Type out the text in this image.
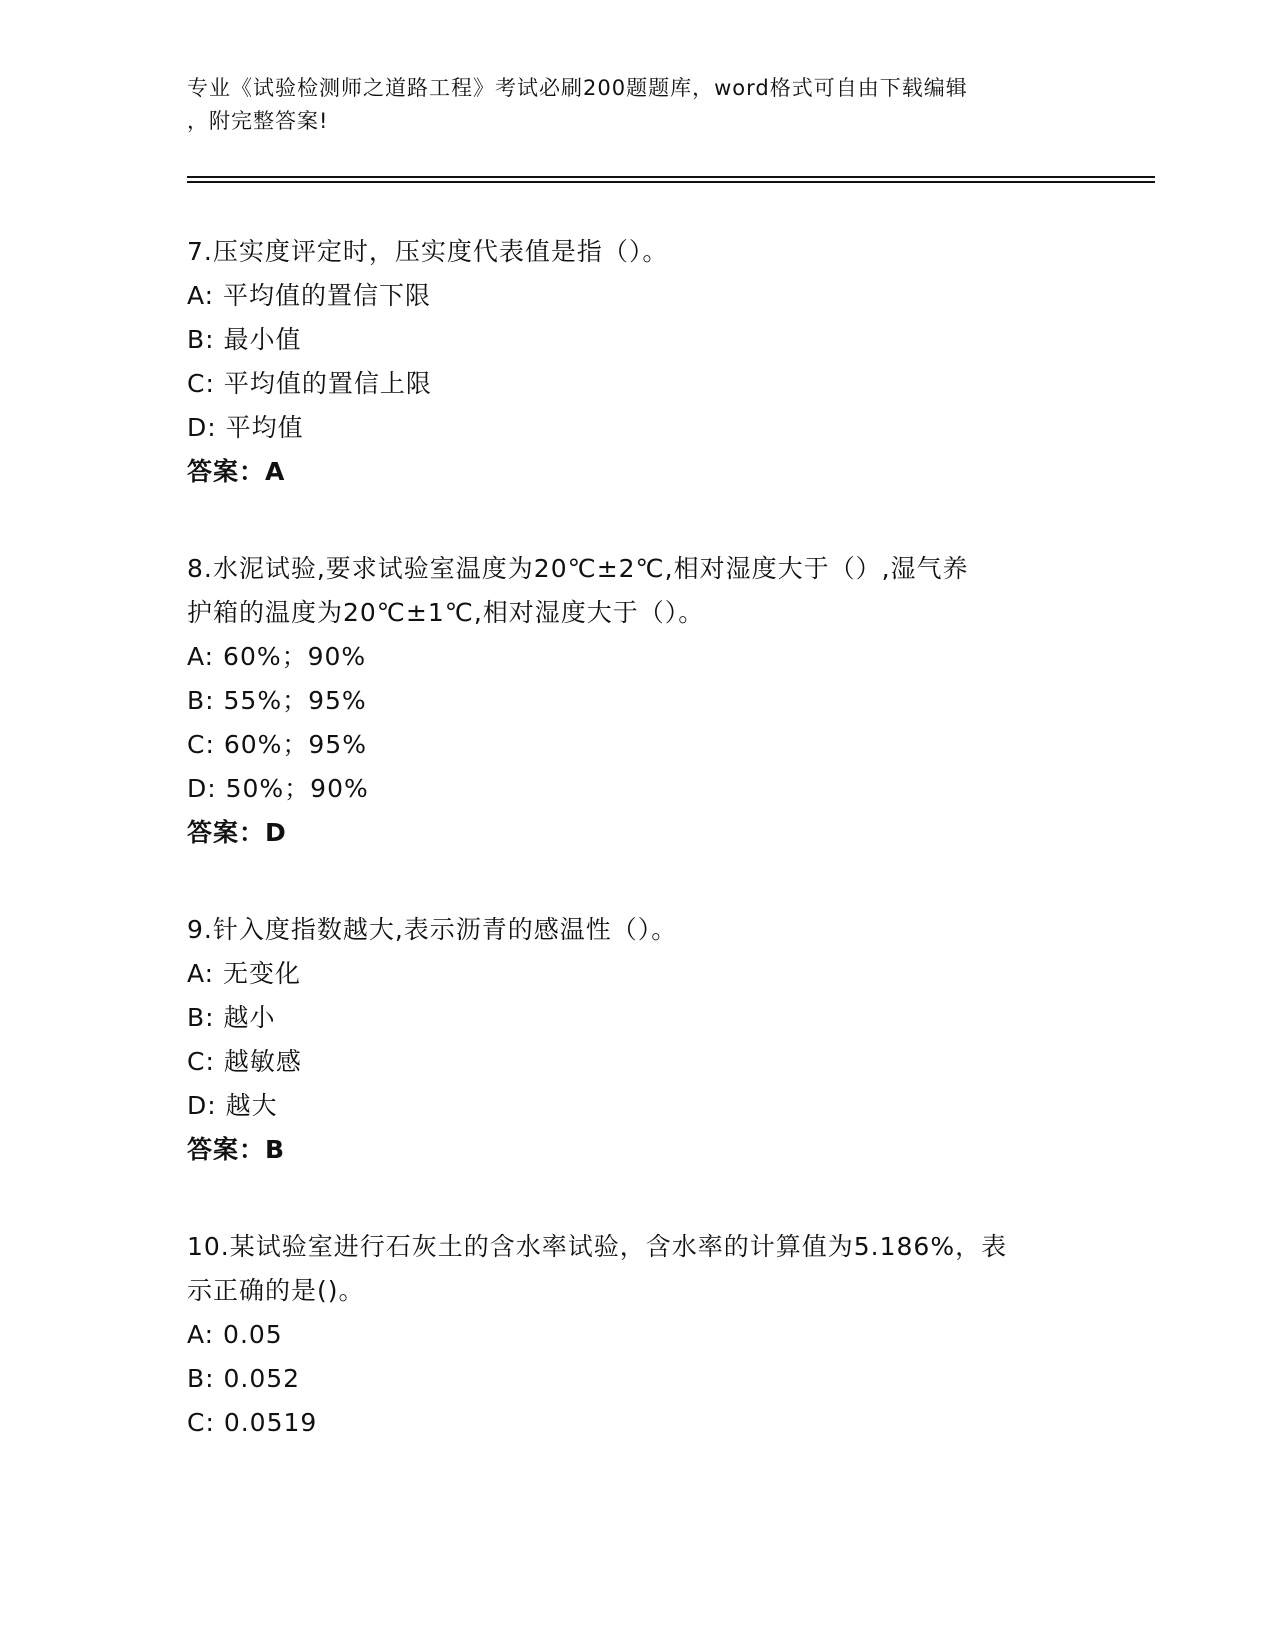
专业《试验检测师之道路工程》考试必刷200题题库，word格式可自由下载编辑
，附完整答案!
7.压实度评定时，压实度代表值是指（）。
A: 平均值的置信下限
B: 最小值
C: 平均值的置信上限
D: 平均值
答案：A
8.水泥试验,要求试验室温度为20℃±2℃,相对湿度大于（）,湿气养
护箱的温度为20℃±1℃,相对湿度大于（）。
A: 60%；90%
B: 55%；95%
C: 60%；95%
D: 50%；90%
答案：D
9.针入度指数越大,表示沥青的感温性（）。
A: 无变化
B: 越小
C: 越敏感
D: 越大
答案：B
10.某试验室进行石灰土的含水率试验，含水率的计算值为5.186%，表
示正确的是()。
A: 0.05
B: 0.052
C: 0.0519
